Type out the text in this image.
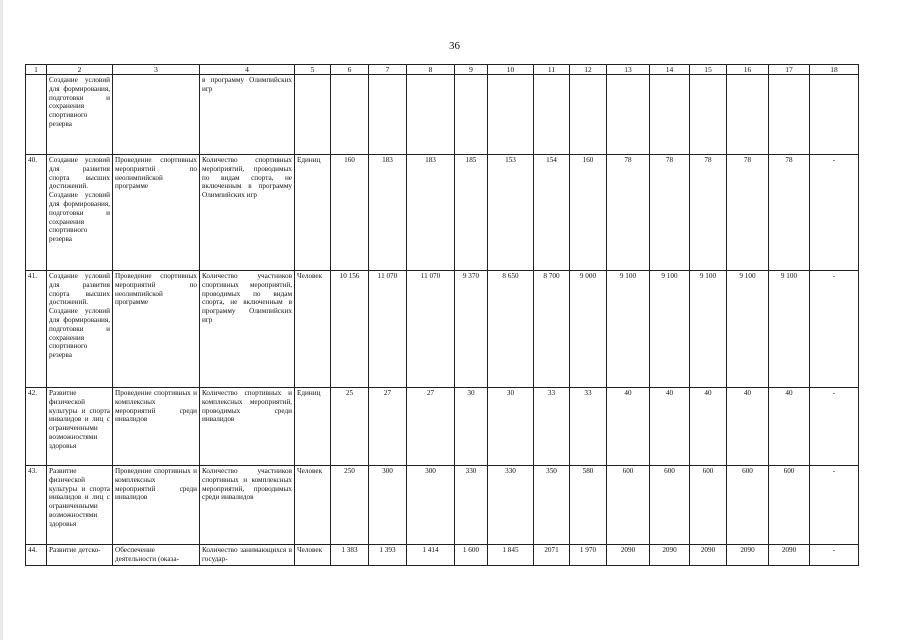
36
1	2	3	4	5	6	7	8	9	10	11	12	13	14	15	16	17	18
	Создание условий для формирования, подготовки и сохранения спортивного резерва		в программу Олимпийских игр														
40.	Создание условий для развития спорта высших достижений. Создание условий для формирования, подготовки и сохранения спортивного резерва	Проведение спортивных мероприятий по неолимпийской программе	Количество спортивных мероприятий, проводимых по видам спорта, не включенным в программу Олимпийских игр	Единиц	160	183	183	185	153	154	160	78	78	78	78	78	-
41.	Создание условий для развития спорта высших достижений. Создание условий для формирования, подготовки и сохранения спортивного резерва	Проведение спортивных мероприятий по неолимпийской программе	Количество участников спортивных мероприятий, проводимых по видам спорта, не включенным в программу Олимпийских игр	Человек	10 156	11 070	11 070	9 370	8 650	8 700	9 000	9 100	9 100	9 100	9 100	9 100	-
42.	Развитие физической культуры и спорта инвалидов и лиц с ограниченными возможностями здоровья	Проведение спортивных и комплексных мероприятий среди инвалидов	Количество спортивных и комплексных мероприятий, проводимых среди инвалидов	Единиц	25	27	27	30	30	33	33	40	40	40	40	40	-
43.	Развитие физической культуры и спорта инвалидов и лиц с ограниченными возможностями здоровья	Проведение спортивных и комплексных мероприятий среди инвалидов	Количество участников спортивных и комплексных мероприятий, проводимых среди инвалидов	Человек	250	300	300	330	330	350	580	600	600	600	600	600	-
44.	Развитие детско-	Обеспечение деятельности (оказа-	Количество занимающихся в государ-	Человек	1 383	1 393	1 414	1 600	1 845	2071	1 970	2090	2090	2090	2090	2090	-
